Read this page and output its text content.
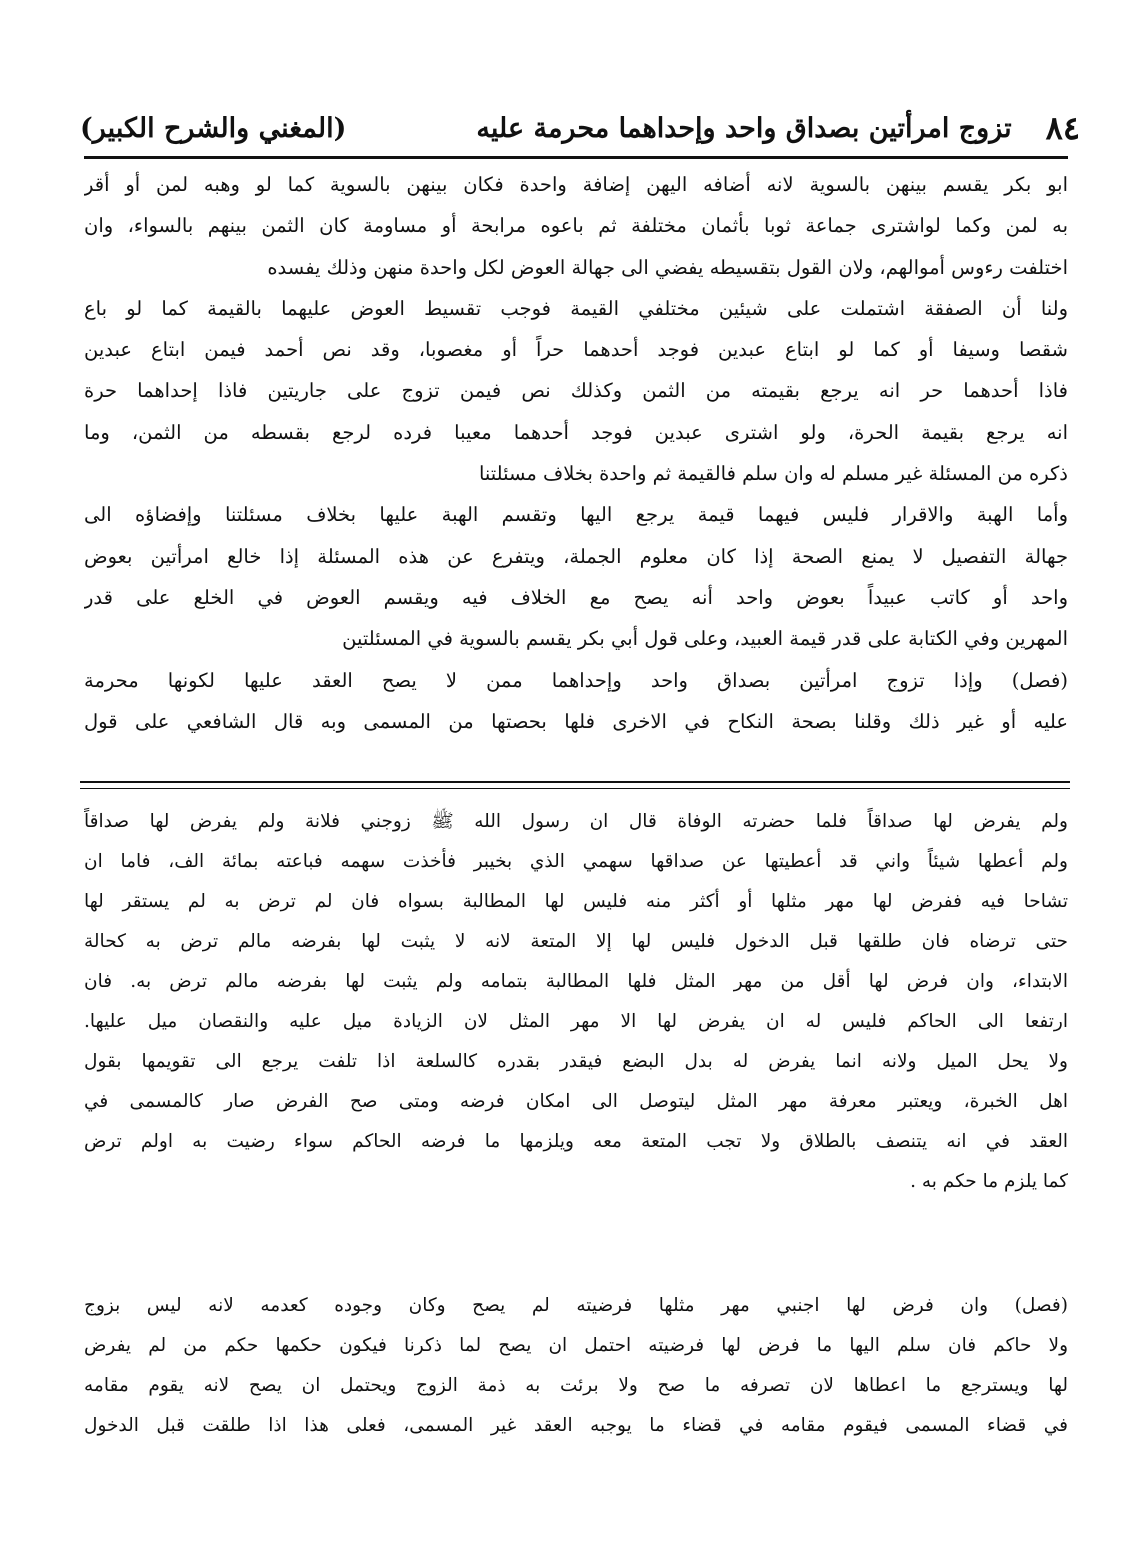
٨٤
تزوج امرأتين بصداق واحد وإحداهما محرمة عليه
(المغني والشرح الكبير)
ابو بكر يقسم بينهن بالسوية لانه أضافه اليهن إضافة واحدة فكان بينهن بالسوية كما لو وهبه لمن أو أقر
به لمن وكما لواشترى جماعة ثوبا بأثمان مختلفة ثم باعوه مرابحة أو مساومة كان الثمن بينهم بالسواء، وان
اختلفت رءوس أموالهم، ولان القول بتقسيطه يفضي الى جهالة العوض لكل واحدة منهن وذلك يفسده
ولنا أن الصفقة اشتملت على شيئين مختلفي القيمة فوجب تقسيط العوض عليهما بالقيمة كما لو باع
شقصا وسيفا أو كما لو ابتاع عبدين فوجد أحدهما حراً أو مغصوبا، وقد نص أحمد فيمن ابتاع عبدين
فاذا أحدهما حر انه يرجع بقيمته من الثمن وكذلك نص فيمن تزوج على جاريتين فاذا إحداهما حرة
انه يرجع بقيمة الحرة، ولو اشترى عبدين فوجد أحدهما معيبا فرده لرجع بقسطه من الثمن، وما
ذكره من المسئلة غير مسلم له وان سلم فالقيمة ثم واحدة بخلاف مسئلتنا
وأما الهبة والاقرار فليس فيهما قيمة يرجع اليها وتقسم الهبة عليها بخلاف مسئلتنا وإفضاؤه الى
جهالة التفصيل لا يمنع الصحة إذا كان معلوم الجملة، ويتفرع عن هذه المسئلة إذا خالع امرأتين بعوض
واحد أو كاتب عبيداً بعوض واحد أنه يصح مع الخلاف فيه ويقسم العوض في الخلع على قدر
المهرين وفي الكتابة على قدر قيمة العبيد، وعلى قول أبي بكر يقسم بالسوية في المسئلتين
(فصل) وإذا تزوج امرأتين بصداق واحد وإحداهما ممن لا يصح العقد عليها لكونها محرمة
عليه أو غير ذلك وقلنا بصحة النكاح في الاخرى فلها بحصتها من المسمى وبه قال الشافعي على قول
ولم يفرض لها صداقاً فلما حضرته الوفاة قال ان رسول الله ﷺ زوجني فلانة ولم يفرض لها صداقاً
ولم أعطها شيئاً واني قد أعطيتها عن صداقها سهمي الذي بخيبر فأخذت سهمه فباعته بمائة الف، فاما ان
تشاحا فيه ففرض لها مهر مثلها أو أكثر منه فليس لها المطالبة بسواه فان لم ترض به لم يستقر لها
حتى ترضاه فان طلقها قبل الدخول فليس لها إلا المتعة لانه لا يثبت لها بفرضه مالم ترض به كحالة
الابتداء، وان فرض لها أقل من مهر المثل فلها المطالبة بتمامه ولم يثبت لها بفرضه مالم ترض به. فان
ارتفعا الى الحاكم فليس له ان يفرض لها الا مهر المثل لان الزيادة ميل عليه والنقصان ميل عليها.
ولا يحل الميل ولانه انما يفرض له بدل البضع فيقدر بقدره كالسلعة اذا تلفت يرجع الى تقويمها بقول
اهل الخبرة، ويعتبر معرفة مهر المثل ليتوصل الى امكان فرضه ومتى صح الفرض صار كالمسمى في
العقد في انه يتنصف بالطلاق ولا تجب المتعة معه ويلزمها ما فرضه الحاكم سواء رضيت به اولم ترض
كما يلزم ما حكم به .
(فصل) وان فرض لها اجنبي مهر مثلها فرضيته لم يصح وكان وجوده كعدمه لانه ليس بزوج
ولا حاكم فان سلم اليها ما فرض لها فرضيته احتمل ان يصح لما ذكرنا فيكون حكمها حكم من لم يفرض
لها ويسترجع ما اعطاها لان تصرفه ما صح ولا برئت به ذمة الزوج ويحتمل ان يصح لانه يقوم مقامه
في قضاء المسمى فيقوم مقامه في قضاء ما يوجبه العقد غير المسمى، فعلى هذا اذا طلقت قبل الدخول
